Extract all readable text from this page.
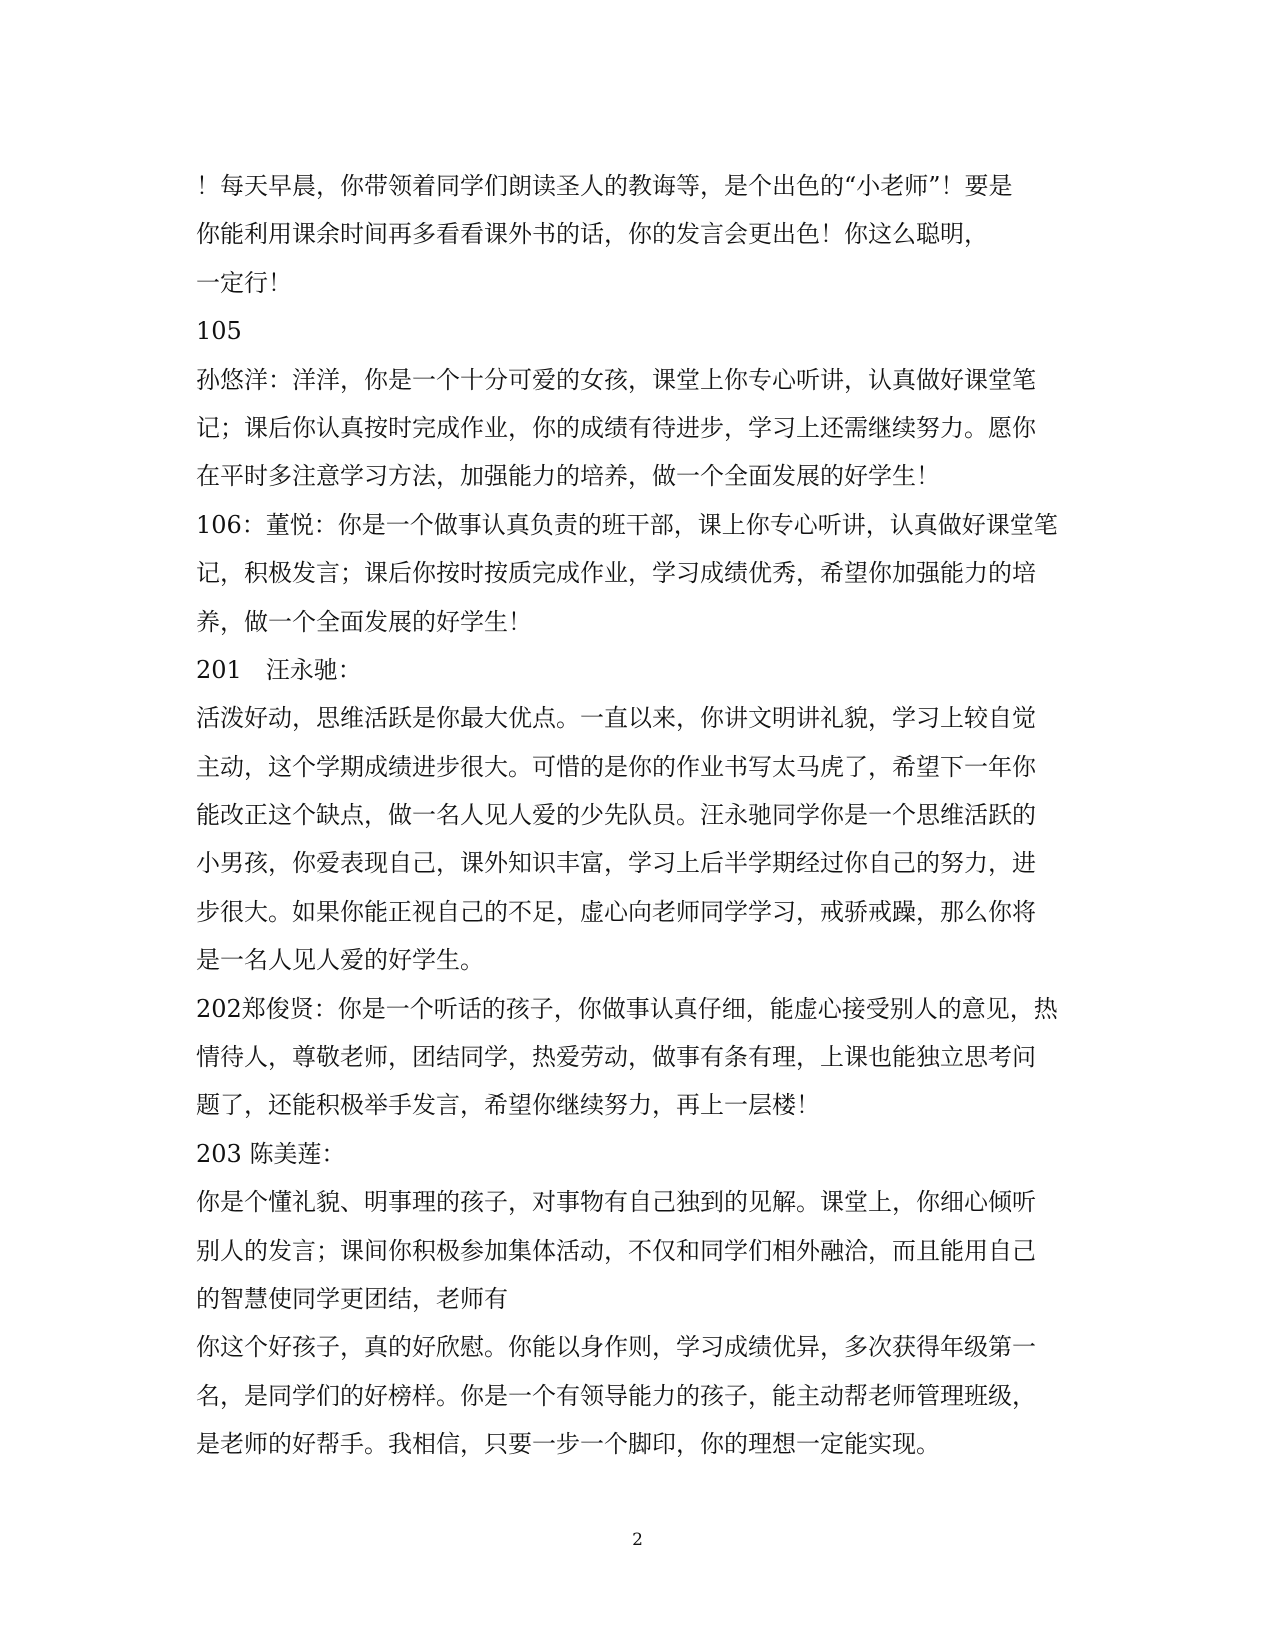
！每天早晨，你带领着同学们朗读圣人的教诲等，是个出色的“小老师”！要是
你能利用课余时间再多看看课外书的话，你的发言会更出色！你这么聪明，
一定行！
105
孙悠洋：洋洋，你是一个十分可爱的女孩，课堂上你专心听讲，认真做好课堂笔
记；课后你认真按时完成作业，你的成绩有待进步，学习上还需继续努力。愿你
在平时多注意学习方法，加强能力的培养，做一个全面发展的好学生！
106：董悦：你是一个做事认真负责的班干部，课上你专心听讲，认真做好课堂笔
记，积极发言；课后你按时按质完成作业，学习成绩优秀，希望你加强能力的培
养，做一个全面发展的好学生！
201　汪永驰：
活泼好动，思维活跃是你最大优点。一直以来，你讲文明讲礼貌，学习上较自觉
主动，这个学期成绩进步很大。可惜的是你的作业书写太马虎了，希望下一年你
能改正这个缺点，做一名人见人爱的少先队员。汪永驰同学你是一个思维活跃的
小男孩，你爱表现自己，课外知识丰富，学习上后半学期经过你自己的努力，进
步很大。如果你能正视自己的不足，虚心向老师同学学习，戒骄戒躁，那么你将
是一名人见人爱的好学生。
202郑俊贤：你是一个听话的孩子，你做事认真仔细，能虚心接受别人的意见，热
情待人，尊敬老师，团结同学，热爱劳动，做事有条有理，上课也能独立思考问
题了，还能积极举手发言，希望你继续努力，再上一层楼！
203 陈美莲：
你是个懂礼貌、明事理的孩子，对事物有自己独到的见解。课堂上，你细心倾听
别人的发言；课间你积极参加集体活动，不仅和同学们相外融洽，而且能用自己
的智慧使同学更团结，老师有
你这个好孩子，真的好欣慰。你能以身作则，学习成绩优异，多次获得年级第一
名，是同学们的好榜样。你是一个有领导能力的孩子，能主动帮老师管理班级，
是老师的好帮手。我相信，只要一步一个脚印，你的理想一定能实现。
2
